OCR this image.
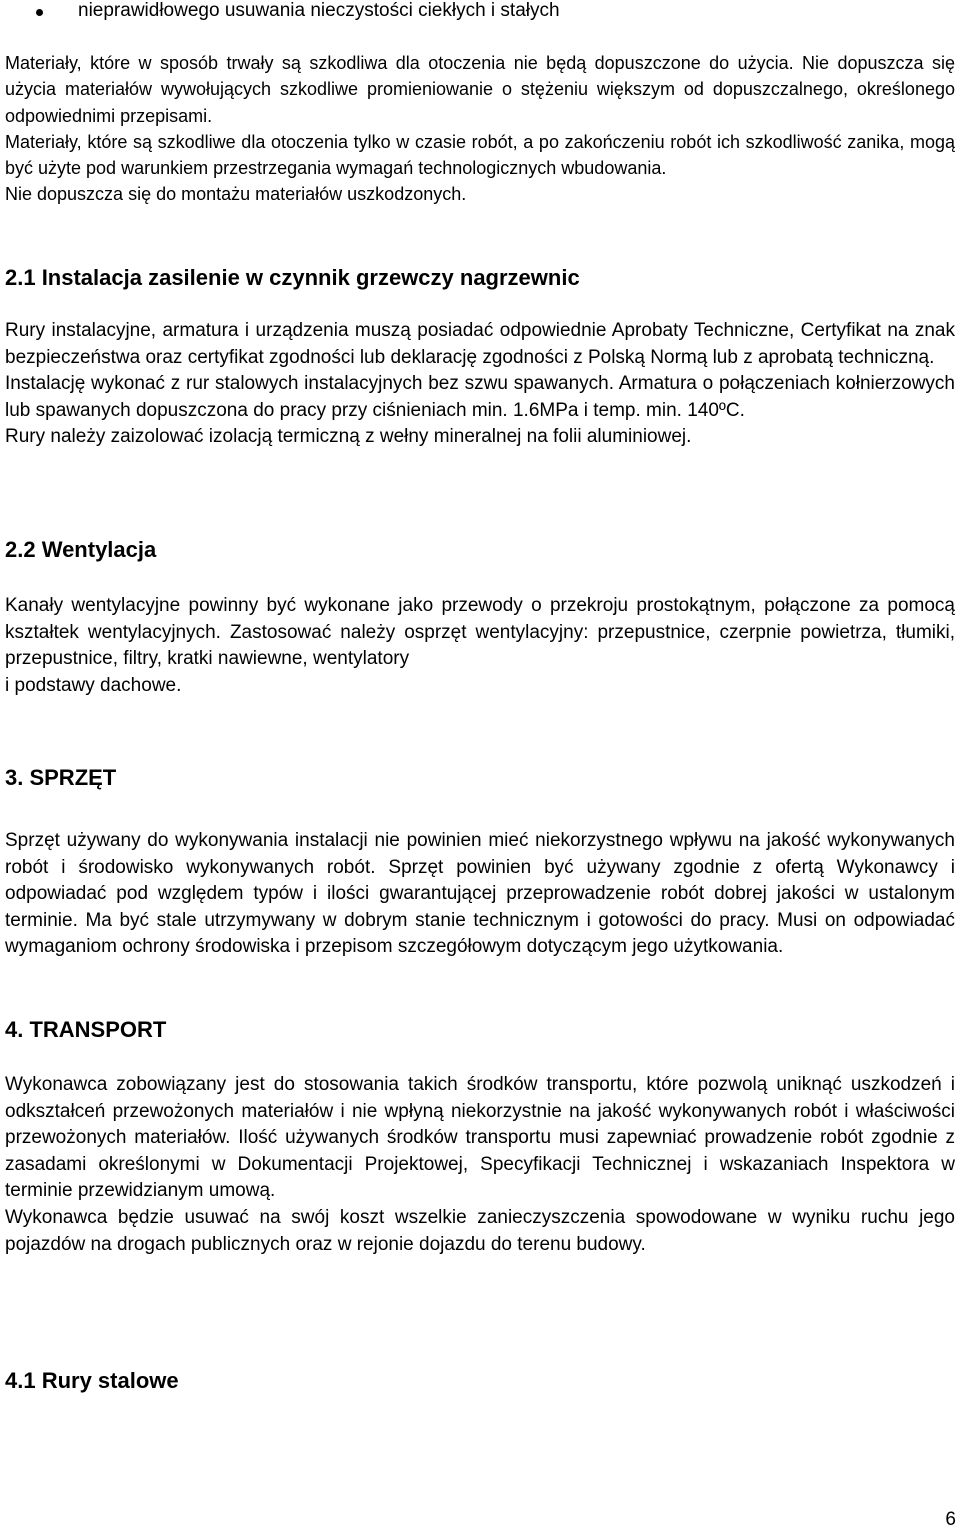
nieprawidłowego usuwania nieczystości ciekłych i stałych

Materiały, które w sposób trwały są szkodliwa dla otoczenia nie będą dopuszczone do użycia. Nie dopuszcza się użycia materiałów wywołujących szkodliwe promieniowanie o stężeniu większym od dopuszczalnego, określonego odpowiednimi przepisami.

Materiały, które są szkodliwe dla otoczenia tylko w czasie robót, a po zakończeniu robót ich szkodliwość zanika, mogą być użyte pod warunkiem przestrzegania wymagań technologicznych wbudowania.

Nie dopuszcza się do montażu materiałów uszkodzonych.

2.1 Instalacja zasilenie w czynnik grzewczy nagrzewnic

Rury instalacyjne, armatura i urządzenia muszą posiadać odpowiednie Aprobaty Techniczne, Certyfikat na znak bezpieczeństwa oraz certyfikat zgodności lub deklarację zgodności z Polską Normą lub z aprobatą techniczną.

Instalację wykonać z rur stalowych instalacyjnych bez szwu spawanych. Armatura o połączeniach kołnierzowych lub spawanych dopuszczona do pracy przy ciśnieniach min. 1.6MPa i temp. min. 140ºC.

Rury należy zaizolować izolacją termiczną z wełny mineralnej na folii aluminiowej.

2.2 Wentylacja

Kanały wentylacyjne powinny być wykonane jako przewody o przekroju prostokątnym, połączone za pomocą kształtek wentylacyjnych. Zastosować należy osprzęt wentylacyjny: przepustnice, czerpnie powietrza, tłumiki, przepustnice, filtry, kratki nawiewne, wentylatory

i podstawy dachowe.

3. SPRZĘT

Sprzęt używany do wykonywania instalacji nie powinien mieć niekorzystnego wpływu na jakość wykonywanych robót i środowisko wykonywanych robót. Sprzęt powinien być używany zgodnie z ofertą Wykonawcy i odpowiadać pod względem typów i ilości gwarantującej przeprowadzenie robót dobrej jakości w ustalonym terminie. Ma być stale utrzymywany w dobrym stanie technicznym i gotowości do pracy. Musi on odpowiadać wymaganiom ochrony środowiska i przepisom szczegółowym dotyczącym jego użytkowania.

4. TRANSPORT

Wykonawca zobowiązany jest do stosowania takich środków transportu, które pozwolą uniknąć uszkodzeń i odkształceń przewożonych materiałów i nie wpłyną niekorzystnie na jakość wykonywanych robót i właściwości przewożonych materiałów. Ilość używanych środków transportu musi zapewniać prowadzenie robót zgodnie z zasadami określonymi w Dokumentacji Projektowej, Specyfikacji Technicznej i wskazaniach Inspektora w terminie przewidzianym umową.

Wykonawca będzie usuwać na swój koszt wszelkie zanieczyszczenia spowodowane w wyniku ruchu jego pojazdów na drogach publicznych oraz w rejonie dojazdu do terenu budowy.

4.1 Rury stalowe
6
